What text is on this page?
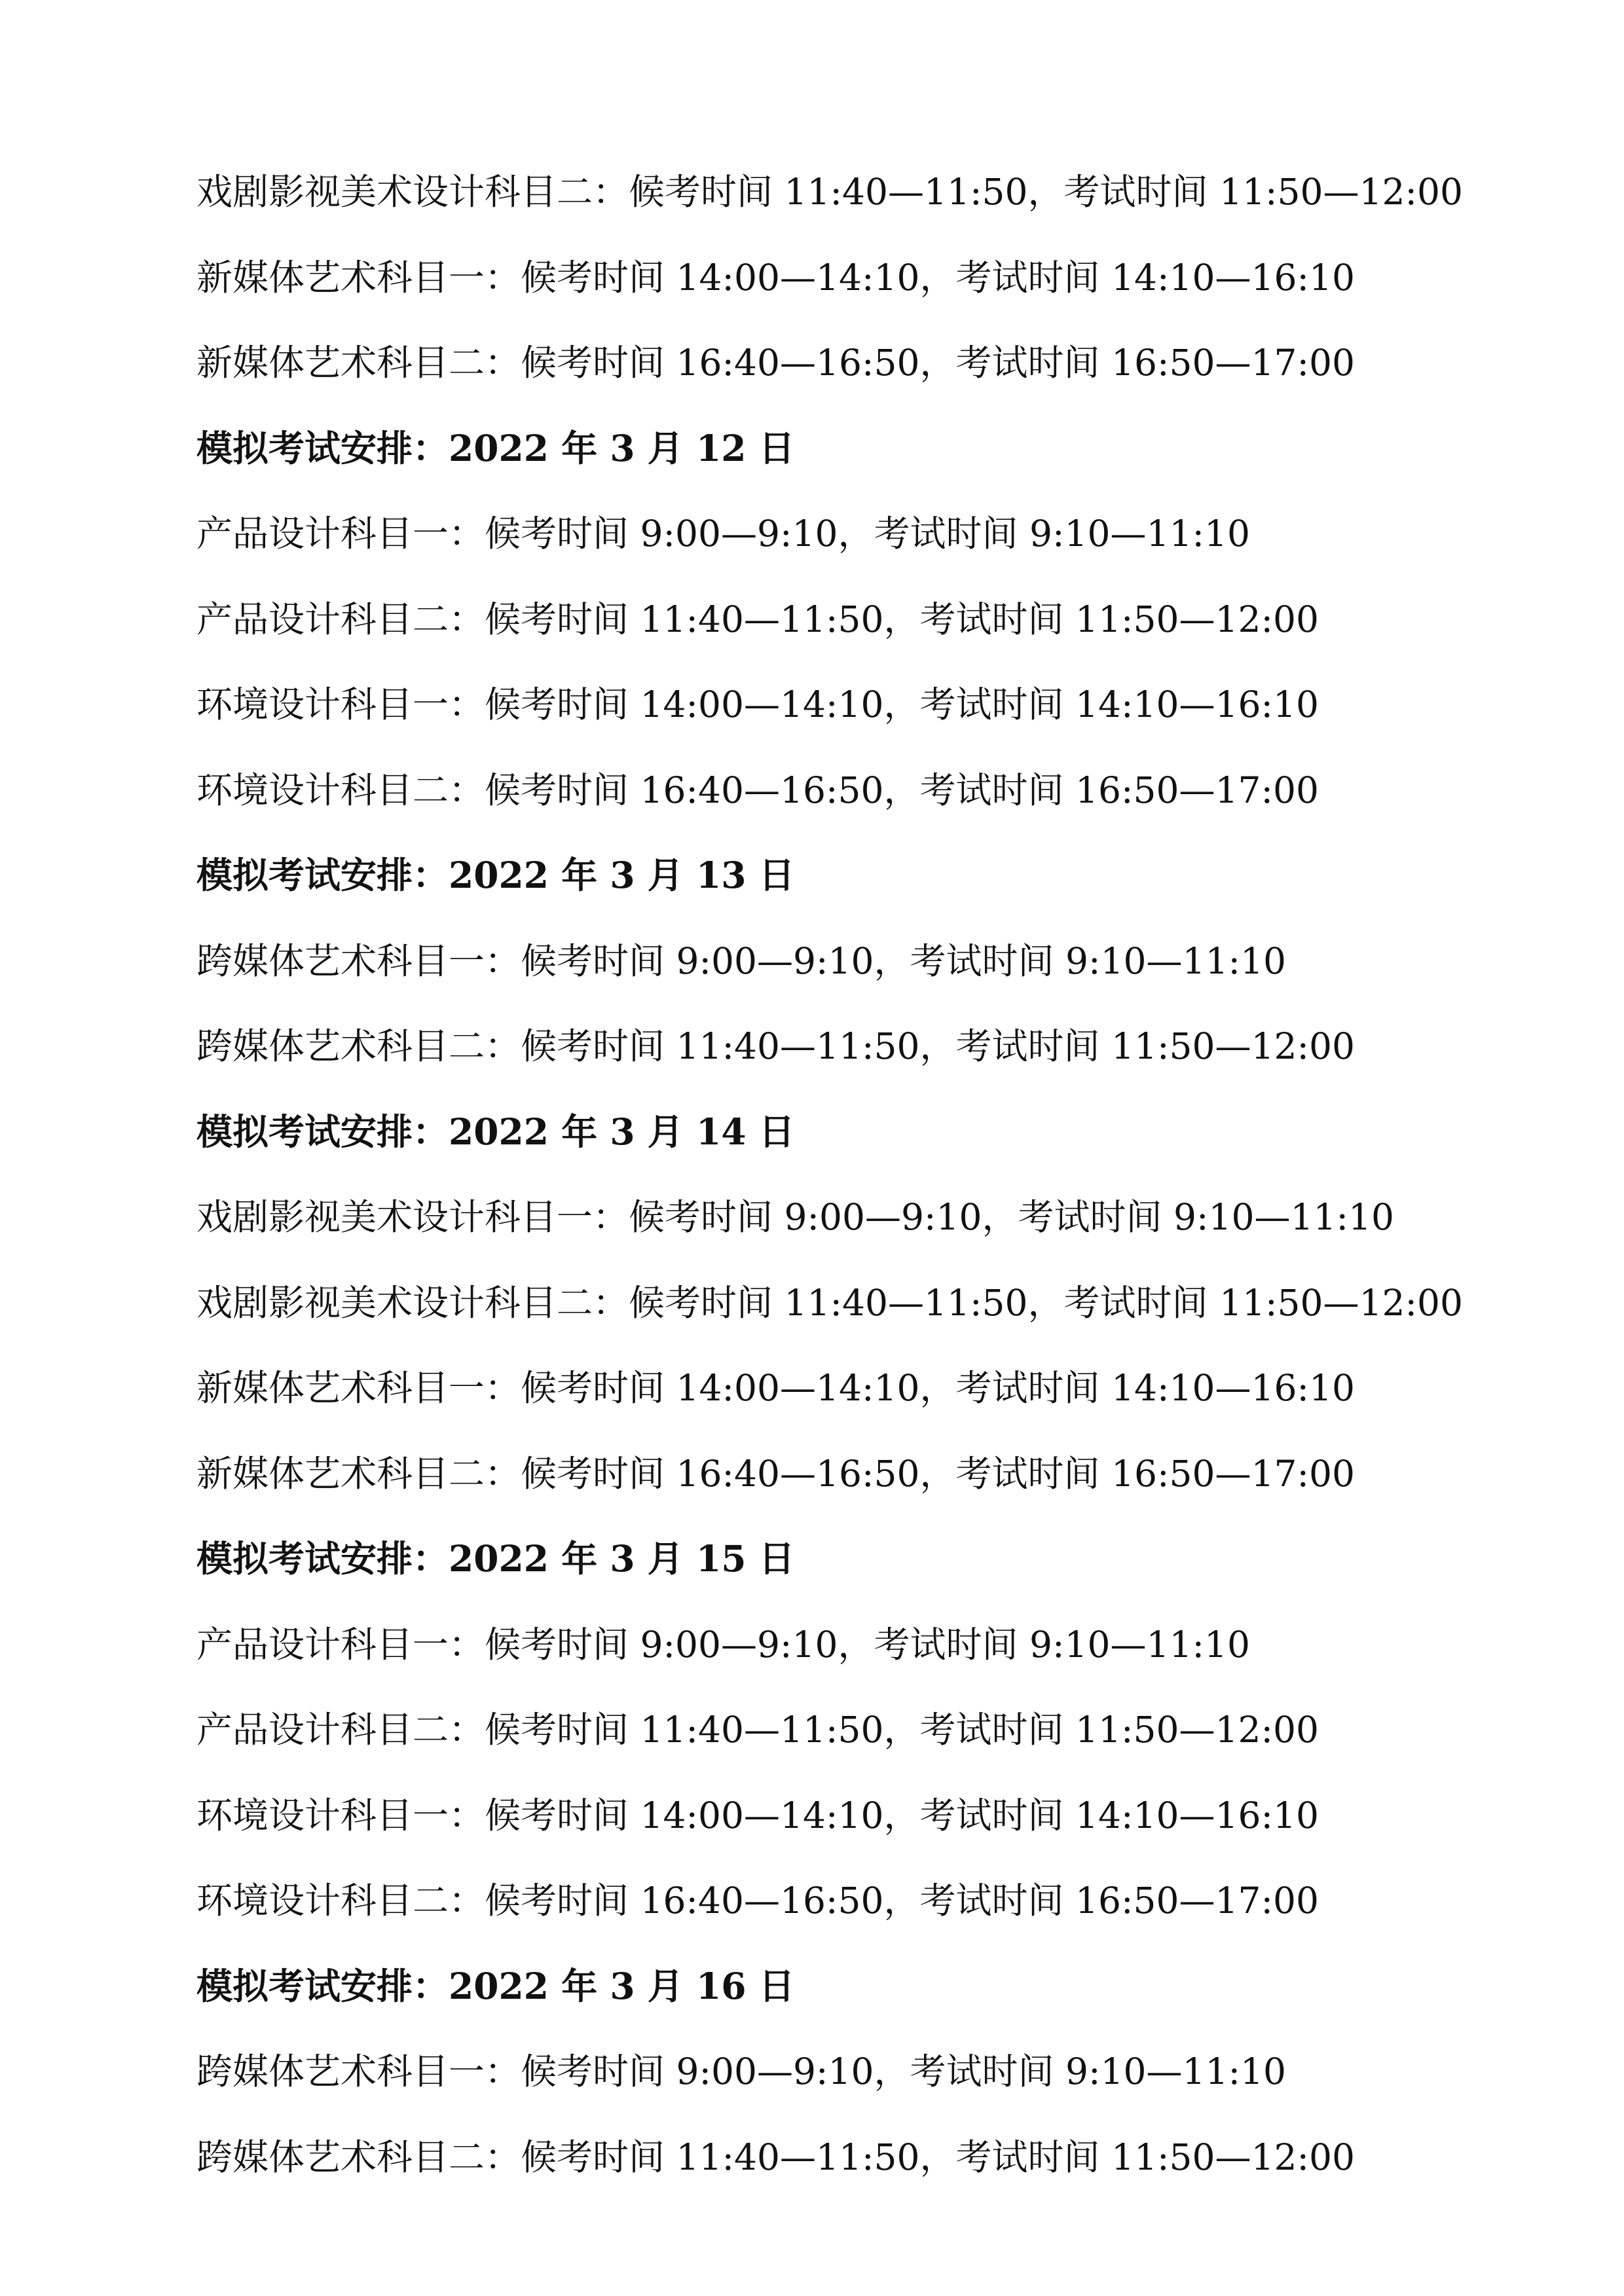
戏剧影视美术设计科目二：候考时间 11:40—11:50，考试时间 11:50—12:00
新媒体艺术科目一：候考时间 14:00—14:10，考试时间 14:10—16:10
新媒体艺术科目二：候考时间 16:40—16:50，考试时间 16:50—17:00
模拟考试安排：2022 年 3 月 12 日
产品设计科目一：候考时间 9:00—9:10，考试时间 9:10—11:10
产品设计科目二：候考时间 11:40—11:50，考试时间 11:50—12:00
环境设计科目一：候考时间 14:00—14:10，考试时间 14:10—16:10
环境设计科目二：候考时间 16:40—16:50，考试时间 16:50—17:00
模拟考试安排：2022 年 3 月 13 日
跨媒体艺术科目一：候考时间 9:00—9:10，考试时间 9:10—11:10
跨媒体艺术科目二：候考时间 11:40—11:50，考试时间 11:50—12:00
模拟考试安排：2022 年 3 月 14 日
戏剧影视美术设计科目一：候考时间 9:00—9:10，考试时间 9:10—11:10
戏剧影视美术设计科目二：候考时间 11:40—11:50，考试时间 11:50—12:00
新媒体艺术科目一：候考时间 14:00—14:10，考试时间 14:10—16:10
新媒体艺术科目二：候考时间 16:40—16:50，考试时间 16:50—17:00
模拟考试安排：2022 年 3 月 15 日
产品设计科目一：候考时间 9:00—9:10，考试时间 9:10—11:10
产品设计科目二：候考时间 11:40—11:50，考试时间 11:50—12:00
环境设计科目一：候考时间 14:00—14:10，考试时间 14:10—16:10
环境设计科目二：候考时间 16:40—16:50，考试时间 16:50—17:00
模拟考试安排：2022 年 3 月 16 日
跨媒体艺术科目一：候考时间 9:00—9:10，考试时间 9:10—11:10
跨媒体艺术科目二：候考时间 11:40—11:50，考试时间 11:50—12:00
